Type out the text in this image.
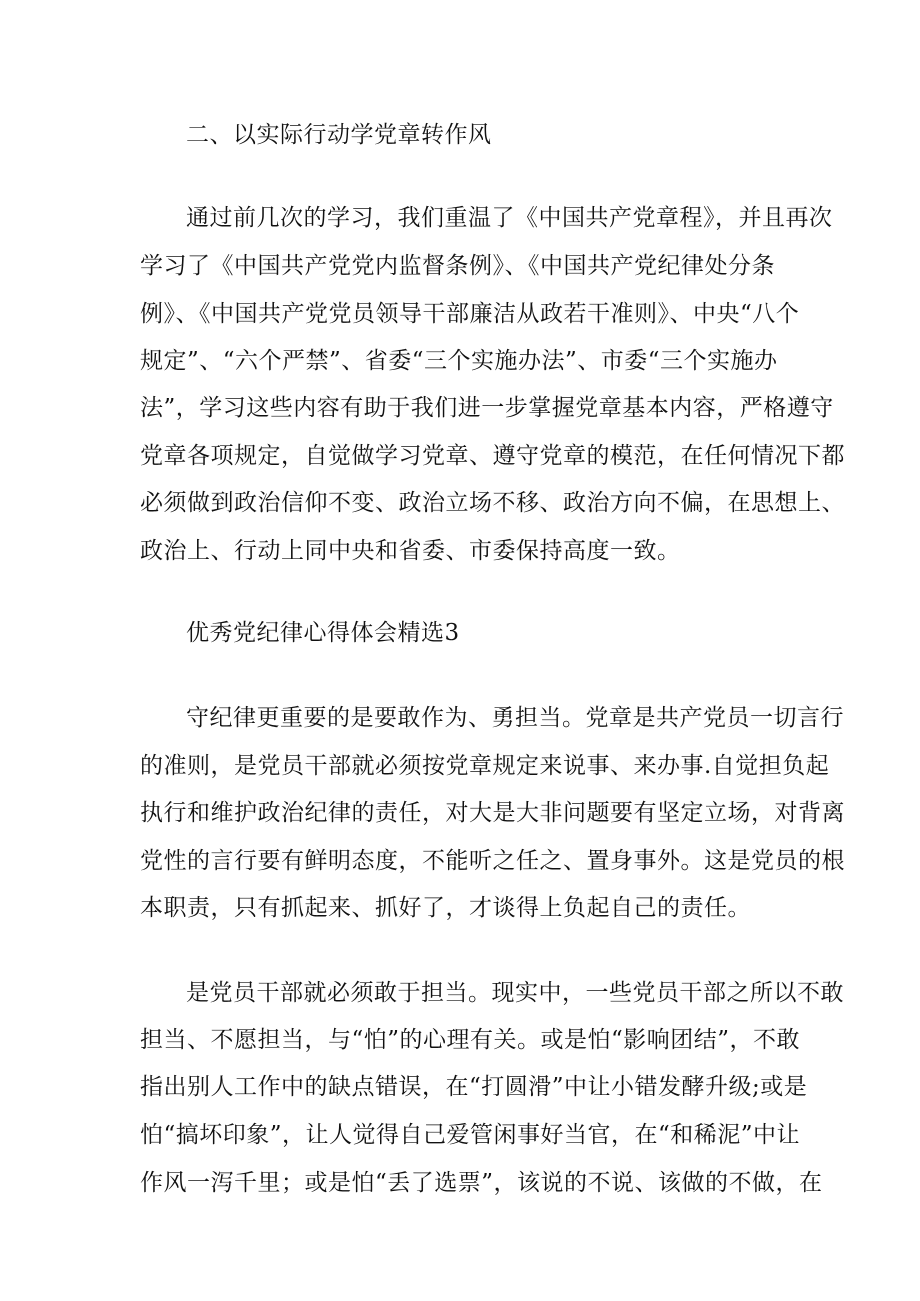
二、以实际行动学党章转作风
通过前几次的学习，我们重温了《中国共产党章程》，并且再次
学习了《中国共产党党内监督条例》、《中国共产党纪律处分条
例》、《中国共产党党员领导干部廉洁从政若干准则》、中央“八个
规定”、“六个严禁”、省委“三个实施办法”、市委“三个实施办
法”，学习这些内容有助于我们进一步掌握党章基本内容，严格遵守
党章各项规定，自觉做学习党章、遵守党章的模范，在任何情况下都
必须做到政治信仰不变、政治立场不移、政治方向不偏，在思想上、
政治上、行动上同中央和省委、市委保持高度一致。
优秀党纪律心得体会精选3
守纪律更重要的是要敢作为、勇担当。党章是共产党员一切言行
的准则，是党员干部就必须按党章规定来说事、来办事.自觉担负起
执行和维护政治纪律的责任，对大是大非问题要有坚定立场，对背离
党性的言行要有鲜明态度，不能听之任之、置身事外。这是党员的根
本职责，只有抓起来、抓好了，才谈得上负起自己的责任。
是党员干部就必须敢于担当。现实中，一些党员干部之所以不敢
担当、不愿担当，与“怕”的心理有关。或是怕“影响团结”，不敢
指出别人工作中的缺点错误，在“打圆滑”中让小错发酵升级;或是
怕“搞坏印象”，让人觉得自己爱管闲事好当官，在“和稀泥”中让
作风一泻千里；或是怕“丢了选票”，该说的不说、该做的不做，在
